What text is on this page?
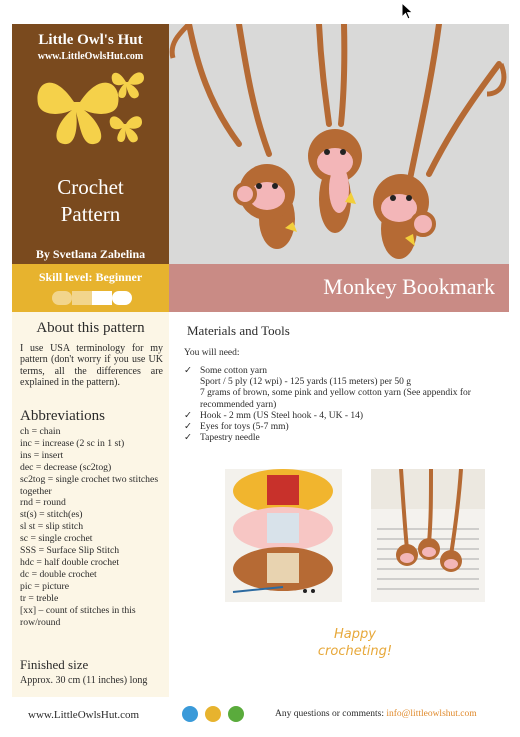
Little Owl's Hut
www.LittleOwlsHut.com
Crochet
Pattern
By Svetlana Zabelina
Skill level: Beginner	Monkey Bookmark
About this pattern
I use USA terminology for my pattern (don't worry if you use UK terms, all the differences are explained in the pattern).
Abbreviations
ch = chain
inc = increase (2 sc in 1 st)
ins = insert
dec = decrease (sc2tog)
sc2tog = single crochet two stitches together
rnd = round
st(s) = stitch(es)
sl st = slip stitch
sc = single crochet
SSS = Surface Slip Stitch
hdc = half double crochet
dc = double crochet
pic = picture
tr = treble
[xx] – count of stitches in this row/round
Finished size
Approx. 30 cm (11 inches) long
Materials and Tools
You will need:
✓ Some cotton yarn
Sport / 5 ply (12 wpi) - 125 yards (115 meters) per 50 g
7 grams of brown, some pink and yellow cotton yarn (See appendix for recommended yarn)
✓ Hook - 2 mm (US Steel hook - 4, UK - 14)
✓ Eyes for toys (5-7 mm)
✓ Tapestry needle
Happy
crocheting!
www.LittleOwlsHut.com	Any questions or comments: info@littleowlshut.com
